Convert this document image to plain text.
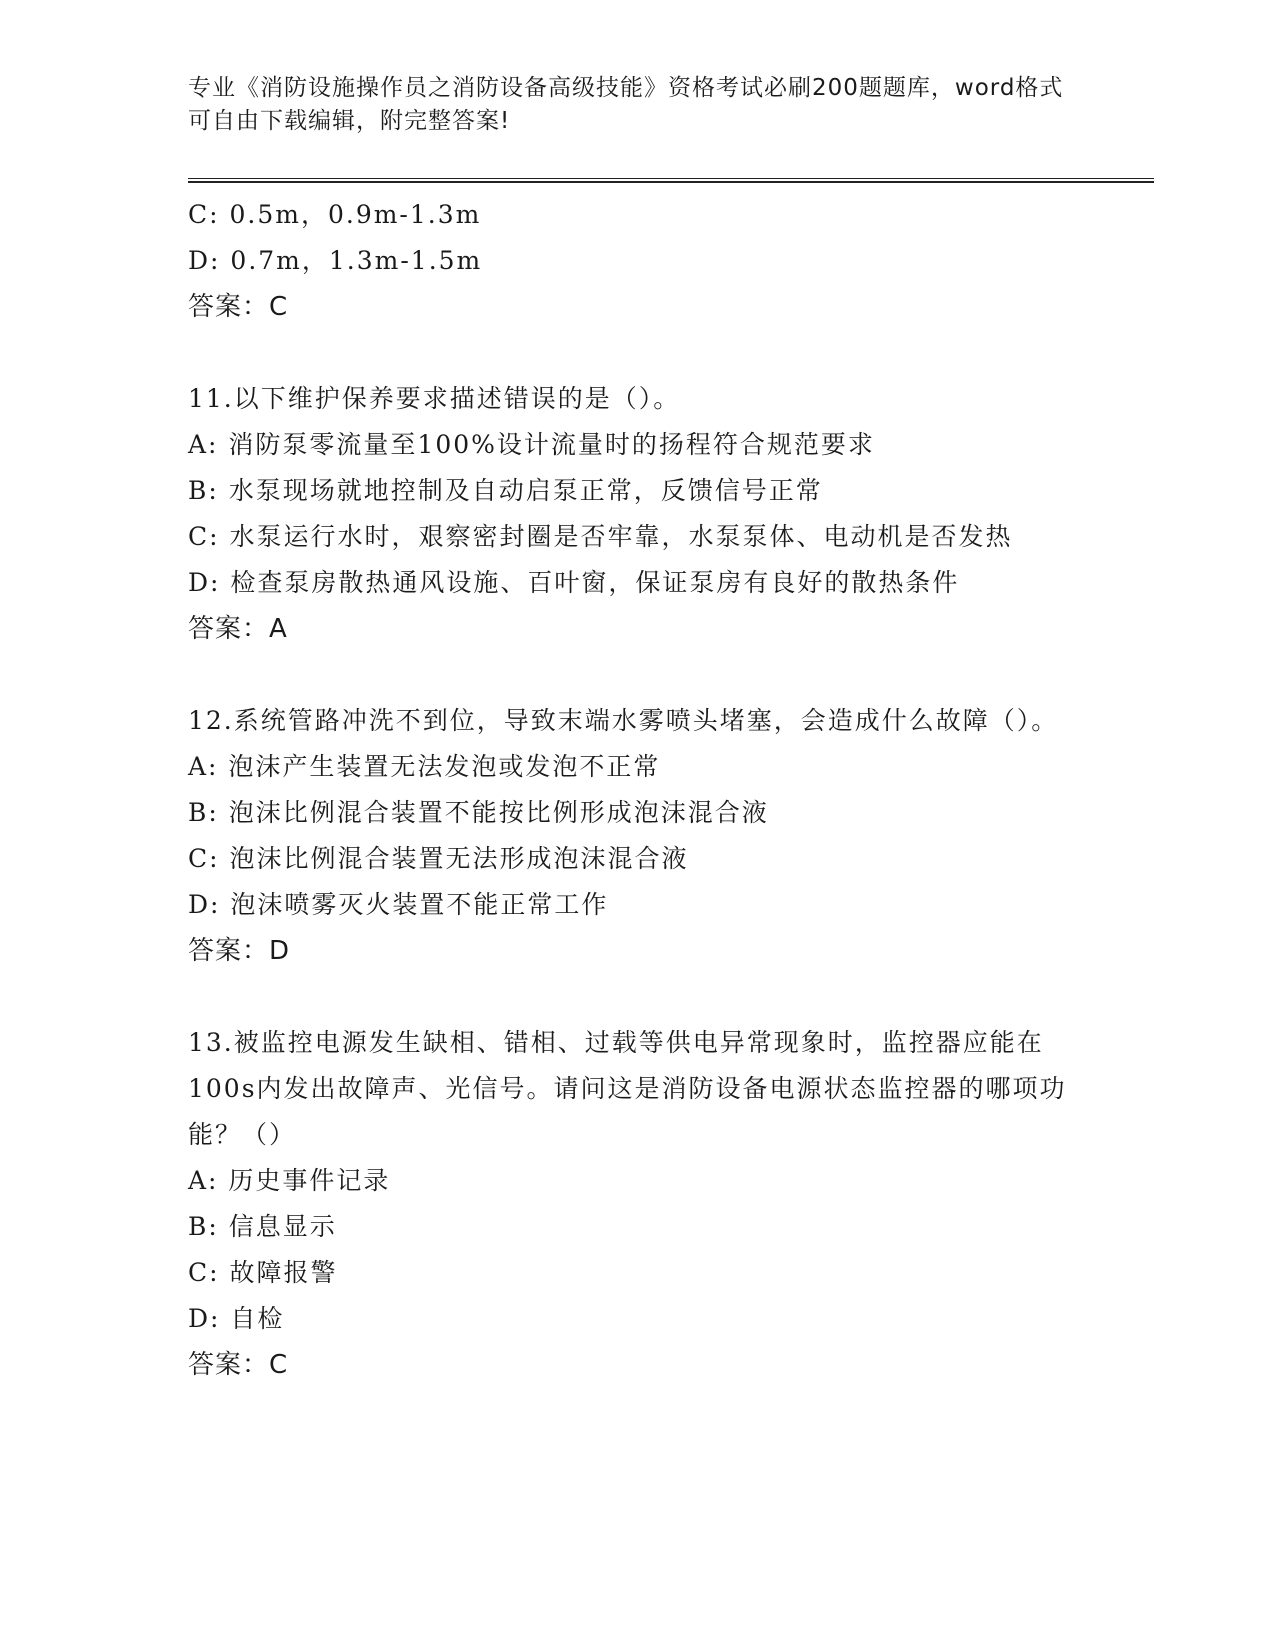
专业《消防设施操作员之消防设备高级技能》资格考试必刷200题题库，word格式可自由下载编辑，附完整答案!
C: 0.5m，0.9m-1.3m
D: 0.7m，1.3m-1.5m
答案：C
11.以下维护保养要求描述错误的是（）。
A: 消防泵零流量至100%设计流量时的扬程符合规范要求
B: 水泵现场就地控制及自动启泵正常，反馈信号正常
C: 水泵运行水时，艰察密封圈是否牢靠，水泵泵体、电动机是否发热
D: 检查泵房散热通风设施、百叶窗，保证泵房有良好的散热条件
答案：A
12.系统管路冲洗不到位，导致末端水雾喷头堵塞，会造成什么故障（）。
A: 泡沫产生装置无法发泡或发泡不正常
B: 泡沫比例混合装置不能按比例形成泡沫混合液
C: 泡沫比例混合装置无法形成泡沫混合液
D: 泡沫喷雾灭火装置不能正常工作
答案：D
13.被监控电源发生缺相、错相、过载等供电异常现象时，监控器应能在100s内发出故障声、光信号。请问这是消防设备电源状态监控器的哪项功能？（）
A: 历史事件记录
B: 信息显示
C: 故障报警
D: 自检
答案：C
